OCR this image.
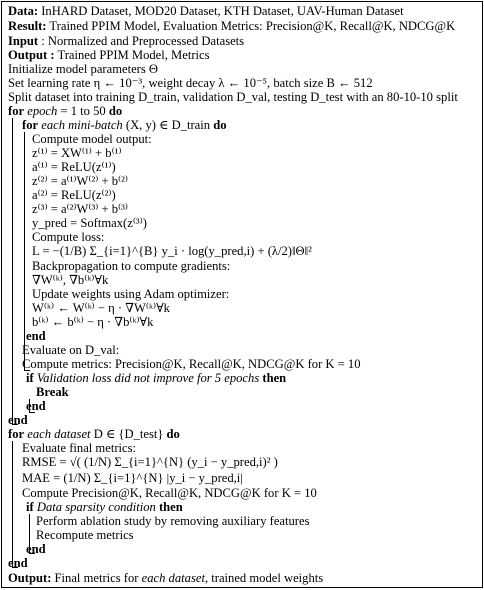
Data: InHARD Dataset, MOD20 Dataset, KTH Dataset, UAV-Human Dataset
Result: Trained PPIM Model, Evaluation Metrics: Precision@K, Recall@K, NDCG@K
Input : Normalized and Preprocessed Datasets
Output : Trained PPIM Model, Metrics
Initialize model parameters Θ
Set learning rate η ← 10⁻³, weight decay λ ← 10⁻⁵, batch size B ← 512
Split dataset into training D_train, validation D_val, testing D_test with an 80-10-10 split
for epoch = 1 to 50 do
for each mini-batch (X, y) ∈ D_train do
Compute model output:
z⁽¹⁾ = XW⁽¹⁾ + b⁽¹⁾
a⁽¹⁾ = ReLU(z⁽¹⁾)
z⁽²⁾ = a⁽¹⁾W⁽²⁾ + b⁽²⁾
a⁽²⁾ = ReLU(z⁽²⁾)
z⁽³⁾ = a⁽²⁾W⁽³⁾ + b⁽³⁾
y_pred = Softmax(z⁽³⁾)
Compute loss:
L = −(1/B) Σ_{i=1}^{B} y_i · log(y_pred,i) + (λ/2)‖Θ‖²
Backpropagation to compute gradients:
∇W⁽ᵏ⁾, ∇b⁽ᵏ⁾∀k
Update weights using Adam optimizer:
W⁽ᵏ⁾ ← W⁽ᵏ⁾ − η · ∇W⁽ᵏ⁾∀k
b⁽ᵏ⁾ ← b⁽ᵏ⁾ − η · ∇b⁽ᵏ⁾∀k
end
Evaluate on D_val:
Compute metrics: Precision@K, Recall@K, NDCG@K for K = 10
if Validation loss did not improve for 5 epochs then
Break
end
end
for each dataset D ∈ {D_test} do
Evaluate final metrics:
RMSE = √( (1/N) Σ_{i=1}^{N} (y_i − y_pred,i)² )
MAE = (1/N) Σ_{i=1}^{N} |y_i − y_pred,i|
Compute Precision@K, Recall@K, NDCG@K for K = 10
if Data sparsity condition then
Perform ablation study by removing auxiliary features
Recompute metrics
end
end
Output: Final metrics for each dataset, trained model weights
